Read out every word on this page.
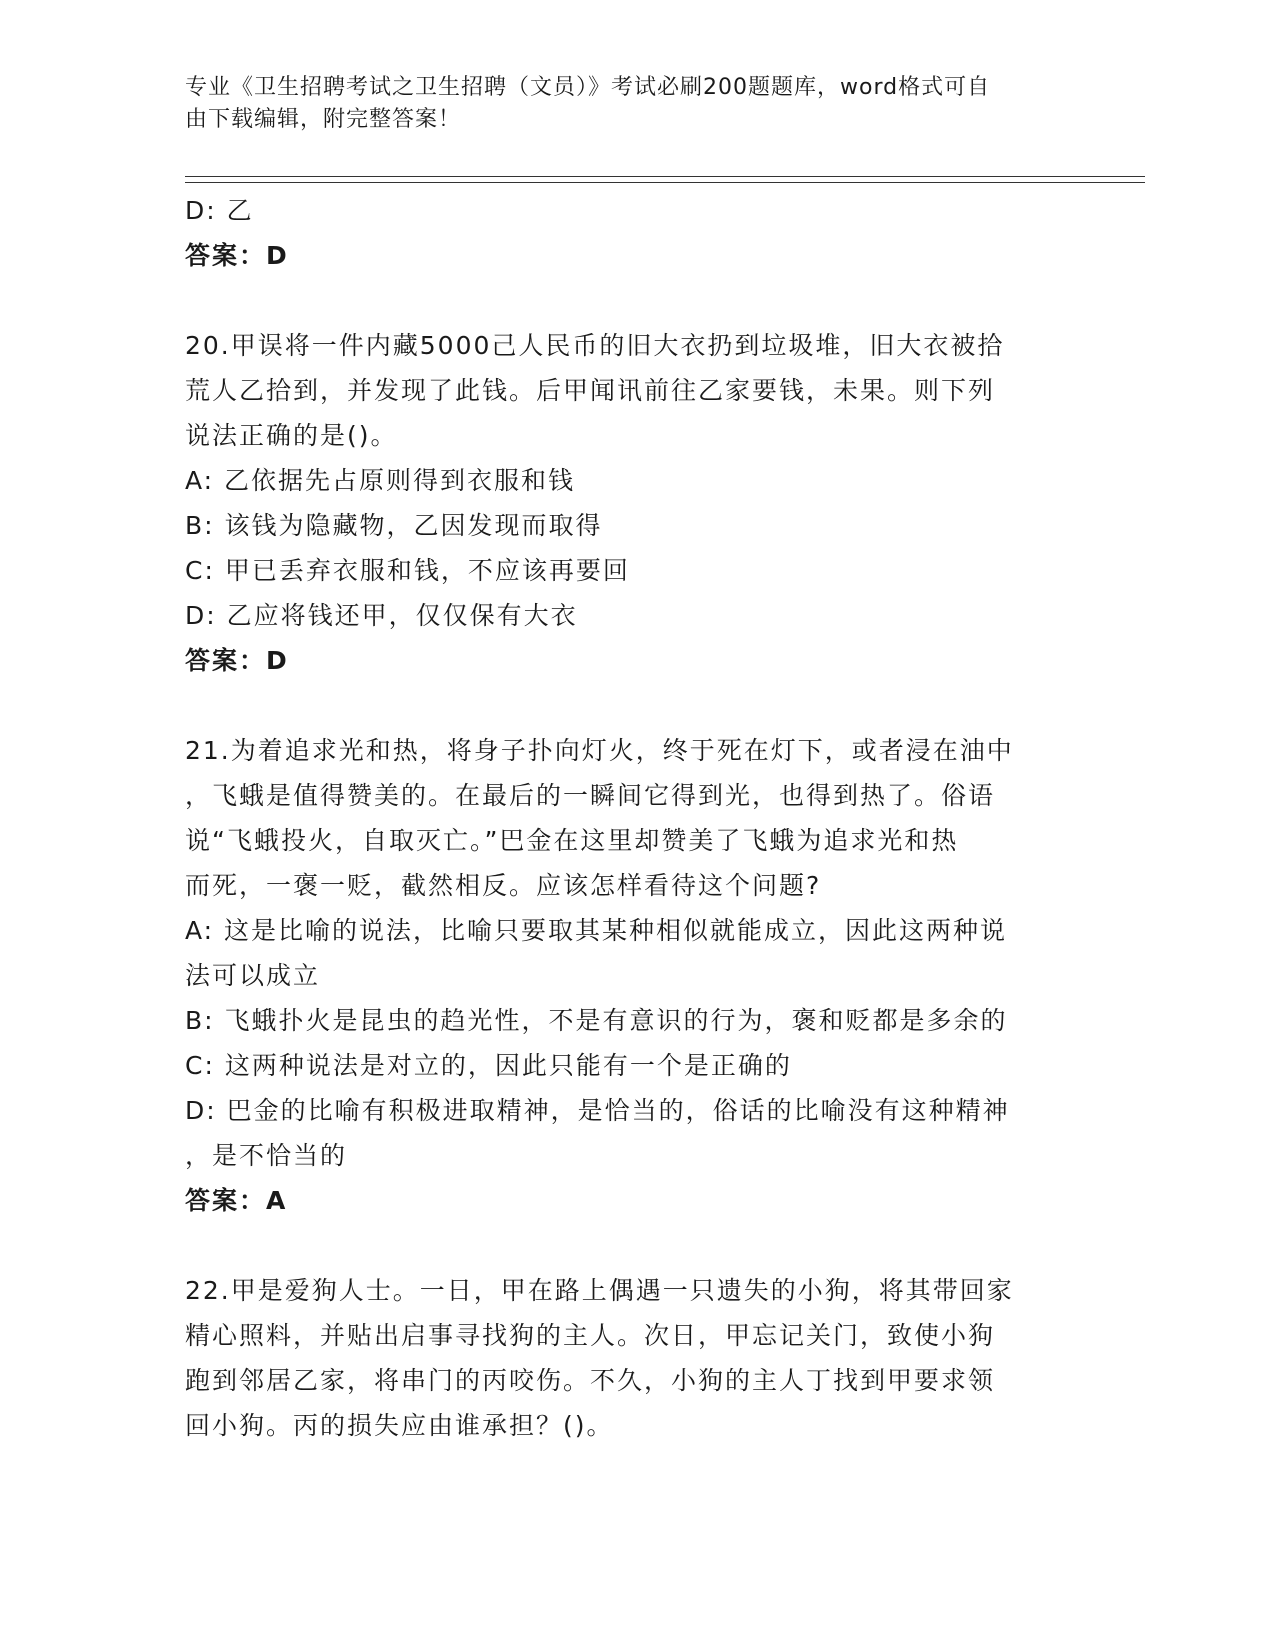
专业《卫生招聘考试之卫生招聘（文员）》考试必刷200题题库，word格式可自
由下载编辑，附完整答案！
D: 乙
答案：D
20.甲误将一件内藏5000己人民币的旧大衣扔到垃圾堆，旧大衣被拾
荒人乙拾到，并发现了此钱。后甲闻讯前往乙家要钱，未果。则下列
说法正确的是()。
A: 乙依据先占原则得到衣服和钱
B: 该钱为隐藏物，乙因发现而取得
C: 甲已丢弃衣服和钱，不应该再要回
D: 乙应将钱还甲，仅仅保有大衣
答案：D
21.为着追求光和热，将身子扑向灯火，终于死在灯下，或者浸在油中
，飞蛾是值得赞美的。在最后的一瞬间它得到光，也得到热了。俗语
说“飞蛾投火，自取灭亡。”巴金在这里却赞美了飞蛾为追求光和热
而死，一褒一贬，截然相反。应该怎样看待这个问题?
A: 这是比喻的说法，比喻只要取其某种相似就能成立，因此这两种说
法可以成立
B: 飞蛾扑火是昆虫的趋光性，不是有意识的行为，褒和贬都是多余的
C: 这两种说法是对立的，因此只能有一个是正确的
D: 巴金的比喻有积极进取精神，是恰当的，俗话的比喻没有这种精神
，是不恰当的
答案：A
22.甲是爱狗人士。一日，甲在路上偶遇一只遗失的小狗，将其带回家
精心照料，并贴出启事寻找狗的主人。次日，甲忘记关门，致使小狗
跑到邻居乙家，将串门的丙咬伤。不久，小狗的主人丁找到甲要求领
回小狗。丙的损失应由谁承担？()。
